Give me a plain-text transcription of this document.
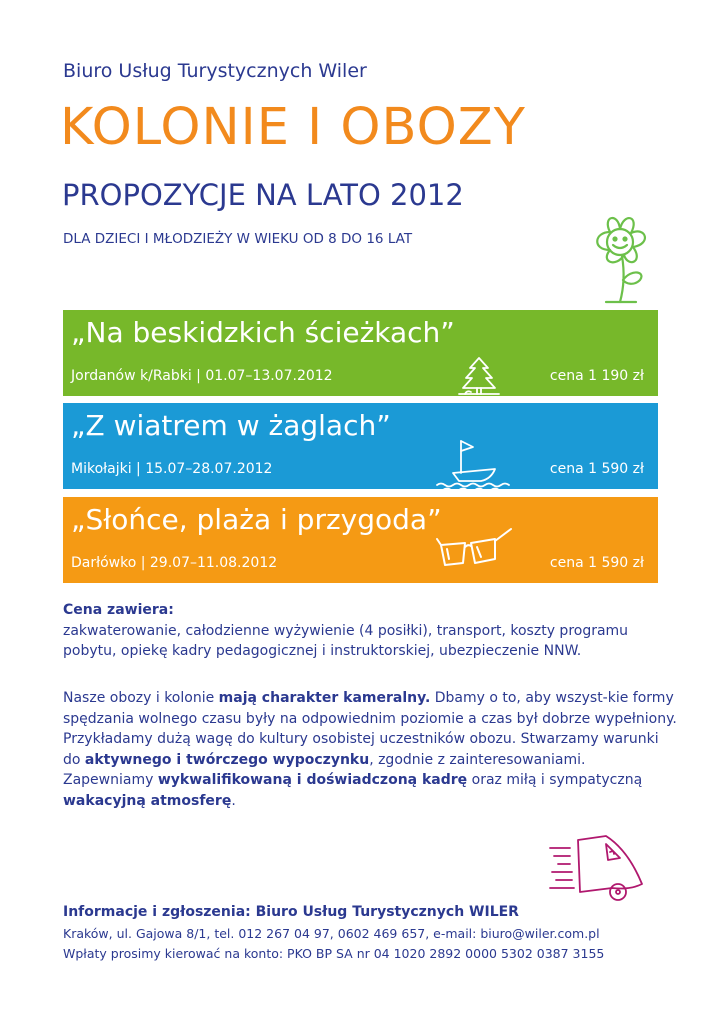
Biuro Usług Turystycznych Wiler
KOLONIE I OBOZY
PROPOZYCJE NA LATO 2012
DLA DZIECI I MŁODZIEŻY W WIEKU OD 8 DO 16 LAT
„Na beskidzkich ścieżkach”
Jordanów k/Rabki | 01.07–13.07.2012	cena 1 190 zł
„Z wiatrem w żaglach”
Mikołajki | 15.07–28.07.2012	cena 1 590 zł
„Słońce, plaża i przygoda”
Darłówko | 29.07–11.08.2012	cena 1 590 zł

Cena zawiera:

zakwaterowanie, całodzienne wyżywienie (4 posiłki), transport, koszty programu pobytu, opiekę kadry pedagogicznej i instruktorskiej, ubezpieczenie NNW.

Nasze obozy i kolonie mają charakter kameralny. Dbamy o to, aby wszyst-kie formy spędzania wolnego czasu były na odpowiednim poziomie a czas był dobrze wypełniony. Przykładamy dużą wagę do kultury osobistej uczestników obozu. Stwarzamy warunki do aktywnego i twórczego wypoczynku, zgodnie z zainteresowaniami. Zapewniamy wykwalifikowaną i doświadczoną kadrę oraz miłą i sympatyczną wakacyjną atmosferę.

Informacje i zgłoszenia: Biuro Usług Turystycznych WILER
Kraków, ul. Gajowa 8/1, tel. 012 267 04 97, 0602 469 657, e-mail: biuro@wiler.com.pl
Wpłaty prosimy kierować na konto: PKO BP SA nr 04 1020 2892 0000 5302 0387 3155
